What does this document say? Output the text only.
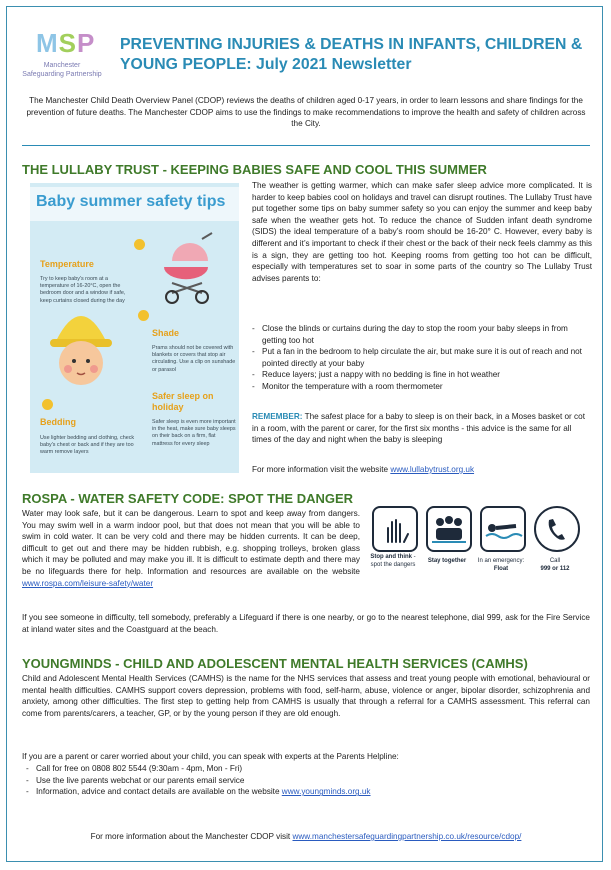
MSP
Manchester Safeguarding Partnership
PREVENTING INJURIES & DEATHS IN INFANTS, CHILDREN & YOUNG PEOPLE: July 2021 Newsletter
The Manchester Child Death Overview Panel (CDOP) reviews the deaths of children aged 0-17 years, in order to learn lessons and share findings for the prevention of future deaths. The Manchester CDOP aims to use the findings to make recommendations to improve the health and safety of children across the City.
THE LULLABY TRUST - KEEPING BABIES SAFE AND COOL THIS SUMMER
Baby summer safety tips
Temperature
Try to keep baby's room at a temperature of 16-20°C, open the bedroom door and a window if safe, keep curtains closed during the day
Shade
Prams should not be covered with blankets or covers that stop air circulating. Use a clip on sunshade or parasol
Safer sleep on holiday
Safer sleep is even more important in the heat, make sure baby sleeps on their back on a firm, flat mattress for every sleep
Bedding
Use lighter bedding and clothing, check baby's chest or back and if they are too warm remove layers
The weather is getting warmer, which can make safer sleep advice more complicated. It is harder to keep babies cool on holidays and travel can disrupt routines. The Lullaby Trust have put together some tips on baby summer safety so you can enjoy the summer and keep baby safe when the weather gets hot. To reduce the chance of Sudden infant death syndrome (SIDS) the ideal temperature of a baby’s room should be 16-20° C. However, every baby is different and it’s important to check if their chest or the back of their neck feels clammy as this is a sign, they are getting too hot. Keeping rooms from getting too hot can be difficult, especially with temperatures set to soar in some parts of the country so The Lullaby Trust advises parents to:
- Close the blinds or curtains during the day to stop the room your baby sleeps in from getting too hot
- Put a fan in the bedroom to help circulate the air, but make sure it is out of reach and not pointed directly at your baby
- Reduce layers; just a nappy with no bedding is fine in hot weather
- Monitor the temperature with a room thermometer
REMEMBER: The safest place for a baby to sleep is on their back, in a Moses basket or cot in a room, with the parent or carer, for the first six months - this advice is the same for all times of the day and night when the baby is sleeping
For more information visit the website www.lullabytrust.org.uk
ROSPA - WATER SAFETY CODE: SPOT THE DANGER
Water may look safe, but it can be dangerous. Learn to spot and keep away from dangers. You may swim well in a warm indoor pool, but that does not mean that you will be able to swim in cold water. It can be very cold and there may be hidden currents. It can be deep, difficult to get out and there may be hidden rubbish, e.g. shopping trolleys, broken glass which it may be polluted and may make you ill. It is difficult to estimate depth and there may be no lifeguards there for help. Information and resources are available on the website www.rospa.com/leisure-safety/water
Stop and think - spot the dangers
Stay together	In an emergency:
Float
Call
999 or 112
If you see someone in difficulty, tell somebody, preferably a Lifeguard if there is one nearby, or go to the nearest telephone, dial 999, ask for the Fire Service at inland water sites and the Coastguard at the beach.
YOUNGMINDS - CHILD AND ADOLESCENT MENTAL HEALTH SERVICES (CAMHS)
Child and Adolescent Mental Health Services (CAMHS) is the name for the NHS services that assess and treat young people with emotional, behavioural or mental health difficulties. CAMHS support covers depression, problems with food, self-harm, abuse, violence or anger, bipolar disorder, schizophrenia and anxiety, among other difficulties. The first step to getting help from CAMHS is usually that through a referral for a CAMHS assessment. This referral can come from parents/carers, a teacher, GP, or by the young person if they are old enough.
If you are a parent or carer worried about your child, you can speak with experts at the Parents Helpline:
- Call for free on 0808 802 5544 (9:30am - 4pm, Mon - Fri)
- Use the live parents webchat or our parents email service
- Information, advice and contact details are available on the website www.youngminds.org.uk
For more information about the Manchester CDOP visit www.manchestersafeguardingpartnership.co.uk/resource/cdop/
